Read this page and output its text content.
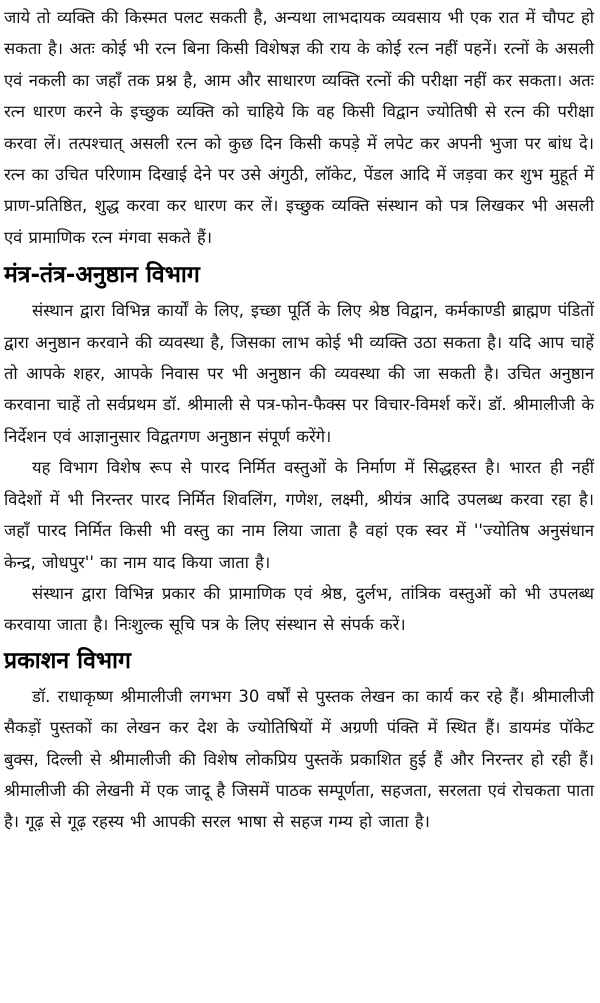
जाये तो व्यक्ति की किस्मत पलट सकती है, अन्यथा लाभदायक व्यवसाय भी एक रात में चौपट हो सकता है। अतः कोई भी रत्न बिना किसी विशेषज्ञ की राय के कोई रत्न नहीं पहनें। रत्नों के असली एवं नकली का जहाँ तक प्रश्न है, आम और साधारण व्यक्ति रत्नों की परीक्षा नहीं कर सकता। अतः रत्न धारण करने के इच्छुक व्यक्ति को चाहिये कि वह किसी विद्वान ज्योतिषी से रत्न की परीक्षा करवा लें। तत्पश्चात् असली रत्न को कुछ दिन किसी कपड़े में लपेट कर अपनी भुजा पर बांध दे। रत्न का उचित परिणाम दिखाई देने पर उसे अंगुठी, लॉकेट, पेंडल आदि में जड़वा कर शुभ मुहूर्त में प्राण-प्रतिष्ठित, शुद्ध करवा कर धारण कर लें। इच्छुक व्यक्ति संस्थान को पत्र लिखकर भी असली एवं प्रामाणिक रत्न मंगवा सकते हैं।

मंत्र-तंत्र-अनुष्ठान विभाग

संस्थान द्वारा विभिन्न कार्यों के लिए, इच्छा पूर्ति के लिए श्रेष्ठ विद्वान, कर्मकाण्डी ब्राह्मण पंडितों द्वारा अनुष्ठान करवाने की व्यवस्था है, जिसका लाभ कोई भी व्यक्ति उठा सकता है। यदि आप चाहें तो आपके शहर, आपके निवास पर भी अनुष्ठान की व्यवस्था की जा सकती है। उचित अनुष्ठान करवाना चाहें तो सर्वप्रथम डॉ. श्रीमाली से पत्र-फोन-फैक्स पर विचार-विमर्श करें। डॉ. श्रीमालीजी के निर्देशन एवं आज्ञानुसार विद्वतगण अनुष्ठान संपूर्ण करेंगे।

यह विभाग विशेष रूप से पारद निर्मित वस्तुओं के निर्माण में सिद्धहस्त है। भारत ही नहीं विदेशों में भी निरन्तर पारद निर्मित शिवलिंग, गणेश, लक्ष्मी, श्रीयंत्र आदि उपलब्ध करवा रहा है। जहाँ पारद निर्मित किसी भी वस्तु का नाम लिया जाता है वहां एक स्वर में ''ज्योतिष अनुसंधान केन्द्र, जोधपुर'' का नाम याद किया जाता है।

संस्थान द्वारा विभिन्न प्रकार की प्रामाणिक एवं श्रेष्ठ, दुर्लभ, तांत्रिक वस्तुओं को भी उपलब्ध करवाया जाता है। निःशुल्क सूचि पत्र के लिए संस्थान से संपर्क करें।

प्रकाशन विभाग

डॉ. राधाकृष्ण श्रीमालीजी लगभग 30 वर्षों से पुस्तक लेखन का कार्य कर रहे हैं। श्रीमालीजी सैकड़ों पुस्तकों का लेखन कर देश के ज्योतिषियों में अग्रणी पंक्ति में स्थित हैं। डायमंड पॉकेट बुक्स, दिल्ली से श्रीमालीजी की विशेष लोकप्रिय पुस्तकें प्रकाशित हुई हैं और निरन्तर हो रही हैं। श्रीमालीजी की लेखनी में एक जादू है जिसमें पाठक सम्पूर्णता, सहजता, सरलता एवं रोचकता पाता है। गूढ़ से गूढ़ रहस्य भी आपकी सरल भाषा से सहज गम्य हो जाता है।
